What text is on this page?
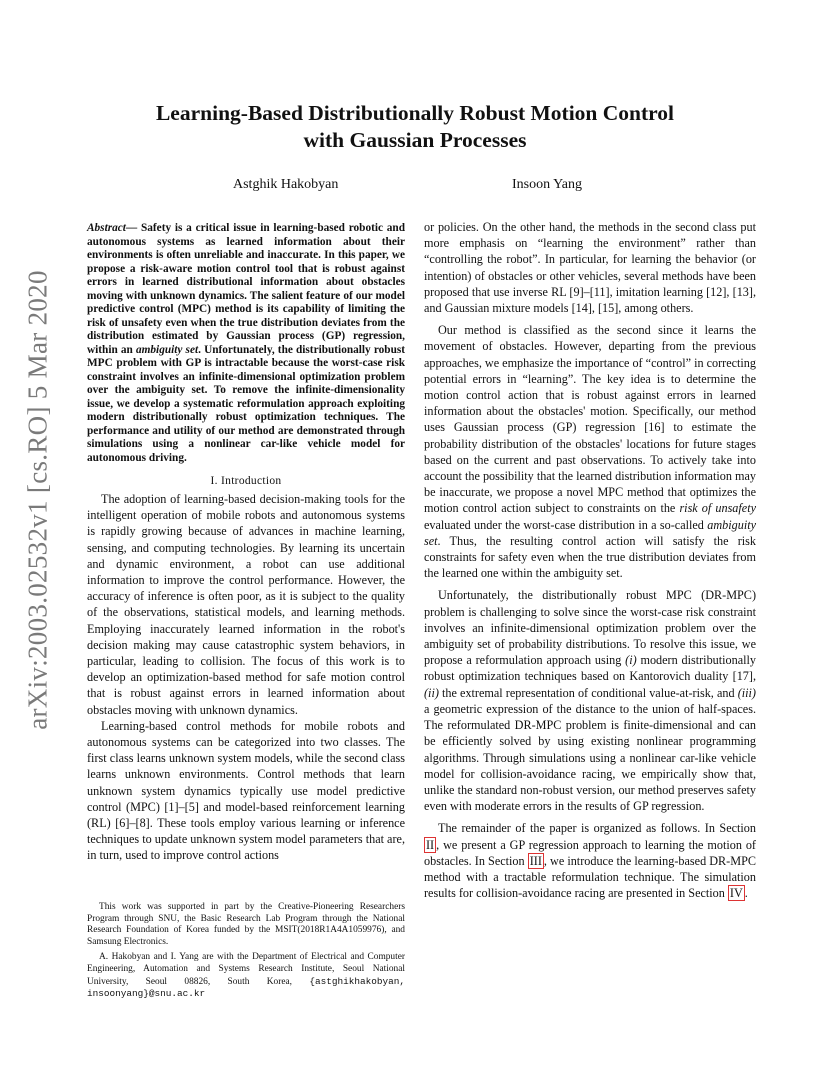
arXiv:2003.02532v1 [cs.RO] 5 Mar 2020
Learning-Based Distributionally Robust Motion Control
with Gaussian Processes
Astghik Hakobyan	Insoon Yang

Abstract— Safety is a critical issue in learning-based robotic and autonomous systems as learned information about their environments is often unreliable and inaccurate. In this paper, we propose a risk-aware motion control tool that is robust against errors in learned distributional information about obstacles moving with unknown dynamics. The salient feature of our model predictive control (MPC) method is its capability of limiting the risk of unsafety even when the true distribution deviates from the distribution estimated by Gaussian process (GP) regression, within an ambiguity set. Unfortunately, the distributionally robust MPC problem with GP is intractable because the worst-case risk constraint involves an infinite-dimensional optimization problem over the ambiguity set. To remove the infinite-dimensionality issue, we develop a systematic reformulation approach exploiting modern distributionally robust optimization techniques. The performance and utility of our method are demonstrated through simulations using a nonlinear car-like vehicle model for autonomous driving.

I. Introduction

The adoption of learning-based decision-making tools for the intelligent operation of mobile robots and autonomous systems is rapidly growing because of advances in machine learning, sensing, and computing technologies. By learning its uncertain and dynamic environment, a robot can use additional information to improve the control performance. However, the accuracy of inference is often poor, as it is subject to the quality of the observations, statistical models, and learning methods. Employing inaccurately learned information in the robot's decision making may cause catastrophic system behaviors, in particular, leading to collision. The focus of this work is to develop an optimization-based method for safe motion control that is robust against errors in learned information about obstacles moving with unknown dynamics.

Learning-based control methods for mobile robots and autonomous systems can be categorized into two classes. The first class learns unknown system models, while the second class learns unknown environments. Control methods that learn unknown system dynamics typically use model predictive control (MPC) [1]–[5] and model-based reinforcement learning (RL) [6]–[8]. These tools employ various learning or inference techniques to update unknown system model parameters that are, in turn, used to improve control actions

This work was supported in part by the Creative-Pioneering Researchers Program through SNU, the Basic Research Lab Program through the National Research Foundation of Korea funded by the MSIT(2018R1A4A1059976), and Samsung Electronics.

A. Hakobyan and I. Yang are with the Department of Electrical and Computer Engineering, Automation and Systems Research Institute, Seoul National University, Seoul 08826, South Korea, {astghikhakobyan, insoonyang}@snu.ac.kr

or policies. On the other hand, the methods in the second class put more emphasis on “learning the environment” rather than “controlling the robot”. In particular, for learning the behavior (or intention) of obstacles or other vehicles, several methods have been proposed that use inverse RL [9]–[11], imitation learning [12], [13], and Gaussian mixture models [14], [15], among others.

Our method is classified as the second since it learns the movement of obstacles. However, departing from the previous approaches, we emphasize the importance of “control” in correcting potential errors in “learning”. The key idea is to determine the motion control action that is robust against errors in learned information about the obstacles' motion. Specifically, our method uses Gaussian process (GP) regression [16] to estimate the probability distribution of the obstacles' locations for future stages based on the current and past observations. To actively take into account the possibility that the learned distribution information may be inaccurate, we propose a novel MPC method that optimizes the motion control action subject to constraints on the risk of unsafety evaluated under the worst-case distribution in a so-called ambiguity set. Thus, the resulting control action will satisfy the risk constraints for safety even when the true distribution deviates from the learned one within the ambiguity set.

Unfortunately, the distributionally robust MPC (DR-MPC) problem is challenging to solve since the worst-case risk constraint involves an infinite-dimensional optimization problem over the ambiguity set of probability distributions. To resolve this issue, we propose a reformulation approach using (i) modern distributionally robust optimization techniques based on Kantorovich duality [17], (ii) the extremal representation of conditional value-at-risk, and (iii) a geometric expression of the distance to the union of half-spaces. The reformulated DR-MPC problem is finite-dimensional and can be efficiently solved by using existing nonlinear programming algorithms. Through simulations using a nonlinear car-like vehicle model for collision-avoidance racing, we empirically show that, unlike the standard non-robust version, our method preserves safety even with moderate errors in the results of GP regression.

The remainder of the paper is organized as follows. In Section II , we present a GP regression approach to learning the motion of obstacles. In Section III , we introduce the learning-based DR-MPC method with a tractable reformulation technique. The simulation results for collision-avoidance racing are presented in Section IV .
